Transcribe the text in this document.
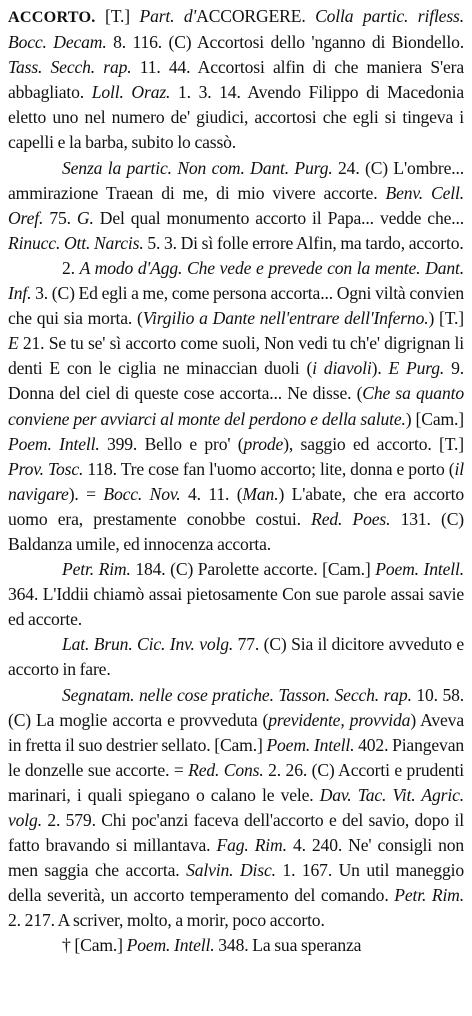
ACCORTO. [T.] Part. d'ACCORGERE. Colla partic. rifless. Bocc. Decam. 8. 116. (C) Accortosi dello 'nganno di Biondello. Tass. Secch. rap. 11. 44. Accortosi alfin di che maniera S'era abbagliato. Loll. Oraz. 1. 3. 14. Avendo Filippo di Macedonia eletto uno nel numero de' giudici, accortosi che egli si tingeva i capelli e la barba, subito lo cassò.

Senza la partic. Non com. Dant. Purg. 24. (C) L'ombre... ammirazione Traean di me, di mio vivere accorte. Benv. Cell. Oref. 75. G. Del qual monumento accorto il Papa... vedde che... Rinucc. Ott. Narcis. 5. 3. Di sì folle errore Alfin, ma tardo, accorto.

2. A modo d'Agg. Che vede e prevede con la mente. Dant. Inf. 3. (C) Ed egli a me, come persona accorta... Ogni viltà convien che qui sia morta. (Virgilio a Dante nell'entrare dell'Inferno.) [T.] E 21. Se tu se' sì accorto come suoli, Non vedi tu ch'e' digrignan li denti E con le ciglia ne minaccian duoli (i diavoli). E Purg. 9. Donna del ciel di queste cose accorta... Ne disse. (Che sa quanto conviene per avviarci al monte del perdono e della salute.) [Cam.] Poem. Intell. 399. Bello e pro' (prode), saggio ed accorto. [T.] Prov. Tosc. 118. Tre cose fan l'uomo accorto; lite, donna e porto (il navigare). = Bocc. Nov. 4. 11. (Man.) L'abate, che era accorto uomo era, prestamente conobbe costui. Red. Poes. 131. (C) Baldanza umile, ed innocenza accorta.

Petr. Rim. 184. (C) Parolette accorte. [Cam.] Poem. Intell. 364. L'Iddii chiamò assai pietosamente Con sue parole assai savie ed accorte.

Lat. Brun. Cic. Inv. volg. 77. (C) Sia il dicitore avveduto e accorto in fare.

Segnatam. nelle cose pratiche. Tasson. Secch. rap. 10. 58. (C) La moglie accorta e provveduta (previdente, provvida) Aveva in fretta il suo destrier sellato. [Cam.] Poem. Intell. 402. Piangevan le donzelle sue accorte. = Red. Cons. 2. 26. (C) Accorti e prudenti marinari, i quali spiegano o calano le vele. Dav. Tac. Vit. Agric. volg. 2. 579. Chi poc'anzi faceva dell'accorto e del savio, dopo il fatto bravando si millantava. Fag. Rim. 4. 240. Ne' consigli non men saggia che accorta. Salvin. Disc. 1. 167. Un util maneggio della severità, un accorto temperamento del comando. Petr. Rim. 2. 217. A scriver, molto, a morir, poco accorto.

† [Cam.] Poem. Intell. 348. La sua speranza
